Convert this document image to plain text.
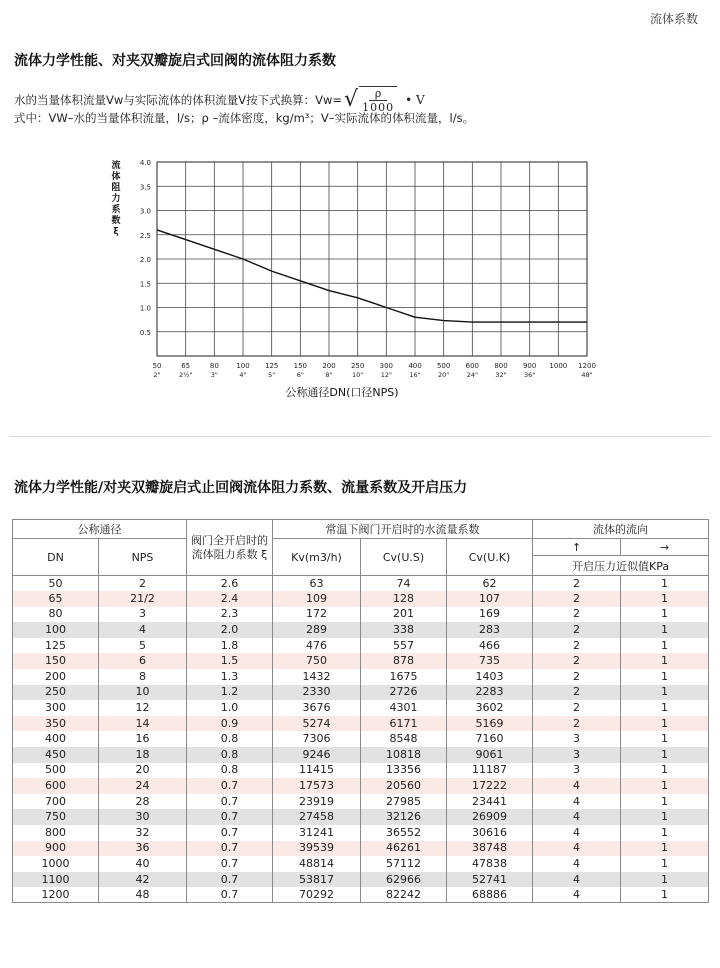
流体系数
流体力学性能、对夹双瓣旋启式回阀的流体阻力系数
水的当量体积流量Vw与实际流体的体积流量V按下式换算：Vw= √ $\frac{\rho}{1000}$ • V
式中：VW–水的当量体积流量，l/s；ρ –流体密度，kg/m³；V–实际流体的体积流量，l/s。
4.0
3.5
3.0
2.5
2.0
1.5
1.0
0.5
50	65	80	100 125 150 200 250 300 400 500 600 800 900 1000 1200
2"	2½"	3"	4"	5"	6"	8"	10"	12"	16"	20"	24"	32"	36"	48"
公称通径DN(口径NPS)
流体阻力系数 ξ
流体力学性能/对夹双瓣旋启式止回阀流体阻力系数、流量系数及开启压力
公称通径		阀门全开启时的
流体阻力系数 ξ	常温下阀门开启时的水流量系数			流体的流向	
DN	NPS		Kv(m3/h)	Cv(U.S)	Cv(U.K)	↑	→
						开启压力近似值KPa	
50	2	2.6	63	74	62	2	1
65	21/2	2.4	109	128	107	2	1
80	3	2.3	172	201	169	2	1
100	4	2.0	289	338	283	2	1
125	5	1.8	476	557	466	2	1
150	6	1.5	750	878	735	2	1
200	8	1.3	1432	1675	1403	2	1
250	10	1.2	2330	2726	2283	2	1
300	12	1.0	3676	4301	3602	2	1
350	14	0.9	5274	6171	5169	2	1
400	16	0.8	7306	8548	7160	3	1
450	18	0.8	9246	10818	9061	3	1
500	20	0.8	11415	13356	11187	3	1
600	24	0.7	17573	20560	17222	4	1
700	28	0.7	23919	27985	23441	4	1
750	30	0.7	27458	32126	26909	4	1
800	32	0.7	31241	36552	30616	4	1
900	36	0.7	39539	46261	38748	4	1
1000	40	0.7	48814	57112	47838	4	1
1100	42	0.7	53817	62966	52741	4	1
1200	48	0.7	70292	82242	68886	4	1
